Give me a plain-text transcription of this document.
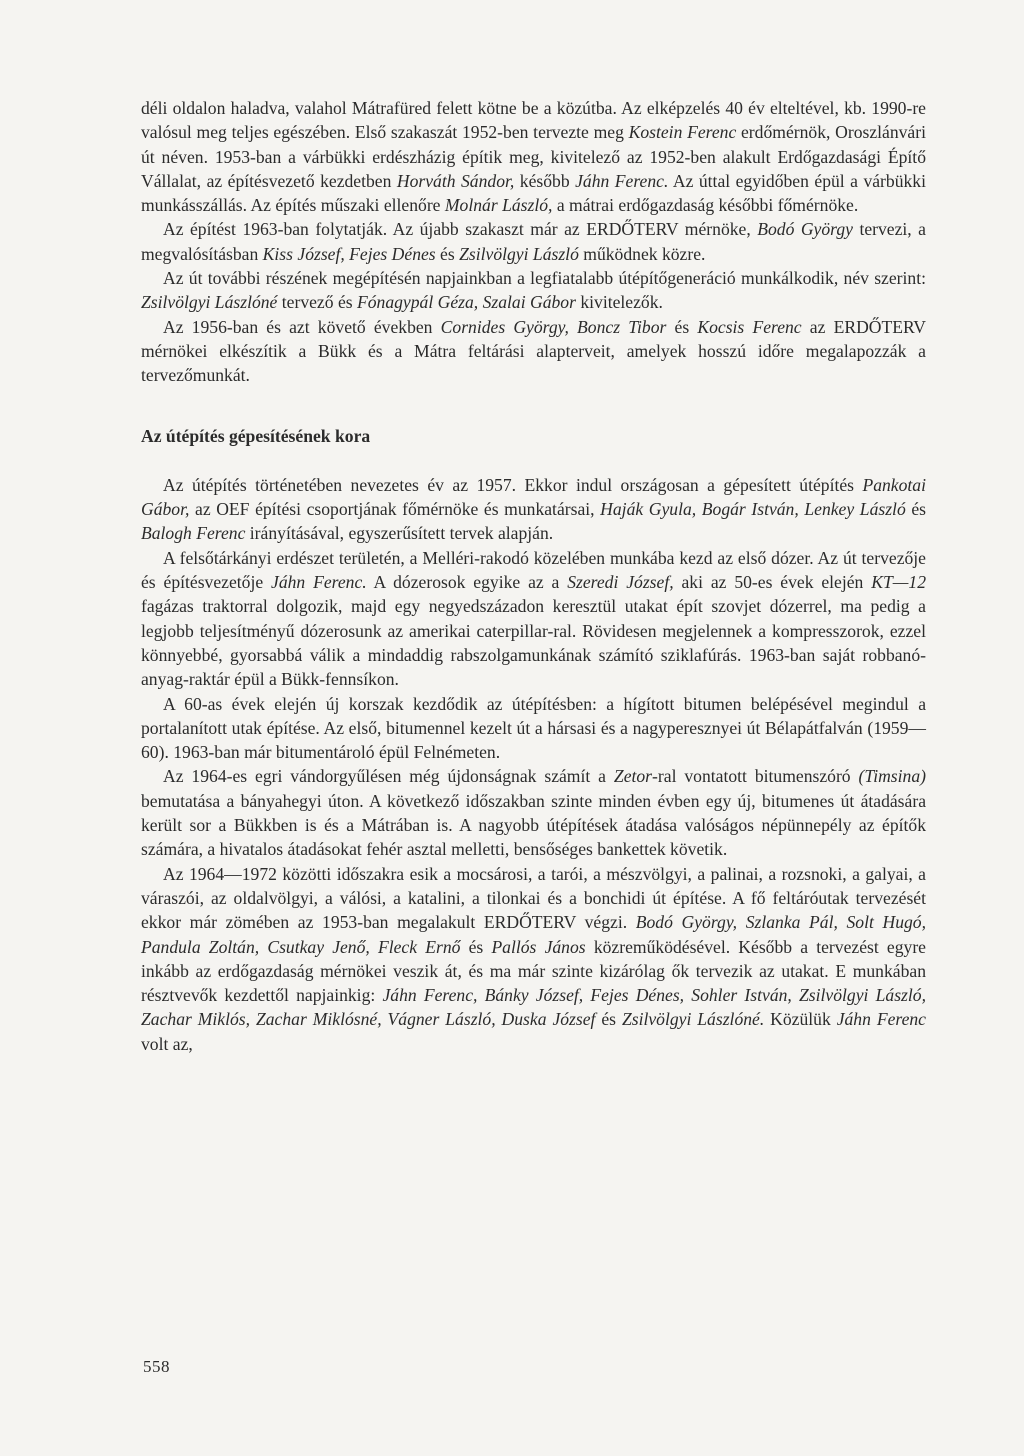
déli oldalon haladva, valahol Mátrafüred felett kötne be a közútba. Az elképzelés 40 év elteltével, kb. 1990-re valósul meg teljes egészében. Első szakaszát 1952-ben tervezte meg Kostein Ferenc erdőmérnök, Oroszlánvári út néven. 1953-ban a várbükki erdészházig építik meg, kivitelező az 1952-ben alakult Erdőgazdasági Építő Vállalat, az építésvezető kezdetben Horváth Sándor, később Jáhn Ferenc. Az úttal egyidőben épül a várbükki munkásszállás. Az építés műszaki ellenőre Molnár László, a mátrai erdőgazdaság későbbi főmérnöke.

Az építést 1963-ban folytatják. Az újabb szakaszt már az ERDŐTERV mérnöke, Bodó György tervezi, a megvalósításban Kiss József, Fejes Dénes és Zsilvölgyi László működnek közre.

Az út további részének megépítésén napjainkban a legfiatalabb útépítőgeneráció munkálkodik, név szerint: Zsilvölgyi Lászlóné tervező és Fónagypál Géza, Szalai Gábor kivitelezők.

Az 1956-ban és azt követő években Cornides György, Boncz Tibor és Kocsis Ferenc az ERDŐTERV mérnökei elkészítik a Bükk és a Mátra feltárási alapterveit, amelyek hosszú időre megalapozzák a tervezőmunkát.

Az útépítés gépesítésének kora

Az útépítés történetében nevezetes év az 1957. Ekkor indul országosan a gépesített útépítés Pankotai Gábor, az OEF építési csoportjának főmérnöke és munkatársai, Haják Gyula, Bogár István, Lenkey László és Balogh Ferenc irányításával, egyszerűsített tervek alapján.

A felsőtárkányi erdészet területén, a Melléri-rakodó közelében munkába kezd az első dózer. Az út tervezője és építésvezetője Jáhn Ferenc. A dózerosok egyike az a Szeredi József, aki az 50-es évek elején KT—12 fagázas traktorral dolgozik, majd egy negyedszázadon keresztül utakat épít szovjet dózerrel, ma pedig a legjobb teljesítményű dózerosunk az amerikai caterpillar-ral. Rövidesen megjelennek a kompresszorok, ezzel könnyebbé, gyorsabbá válik a mindaddig rabszolgamunkának számító sziklafúrás. 1963-ban saját robbanóanyag-raktár épül a Bükk-fennsíkon.

A 60-as évek elején új korszak kezdődik az útépítésben: a hígított bitumen belépésével megindul a portalanított utak építése. Az első, bitumennel kezelt út a hársasi és a nagyperesznyei út Bélapátfalván (1959—60). 1963-ban már bitumentároló épül Felnémeten.

Az 1964-es egri vándorgyűlésen még újdonságnak számít a Zetor-ral vontatott bitumenszóró (Timsina) bemutatása a bányahegyi úton. A következő időszakban szinte minden évben egy új, bitumenes út átadására került sor a Bükkben is és a Mátrában is. A nagyobb útépítések átadása valóságos népünnepély az építők számára, a hivatalos átadásokat fehér asztal melletti, bensőséges bankettek követik.

Az 1964—1972 közötti időszakra esik a mocsárosi, a tarói, a mészvölgyi, a palinai, a rozsnoki, a galyai, a váraszói, az oldalvölgyi, a válósi, a katalini, a tilonkai és a bonchidi út építése. A fő feltáróutak tervezését ekkor már zömében az 1953-ban megalakult ERDŐTERV végzi. Bodó György, Szlanka Pál, Solt Hugó, Pandula Zoltán, Csutkay Jenő, Fleck Ernő és Pallós János közreműködésével. Később a tervezést egyre inkább az erdőgazdaság mérnökei veszik át, és ma már szinte kizárólag ők tervezik az utakat. E munkában résztvevők kezdettől napjainkig: Jáhn Ferenc, Bánky József, Fejes Dénes, Sohler István, Zsilvölgyi László, Zachar Miklós, Zachar Miklósné, Vágner László, Duska József és Zsilvölgyi Lászlóné. Közülük Jáhn Ferenc volt az,

558
